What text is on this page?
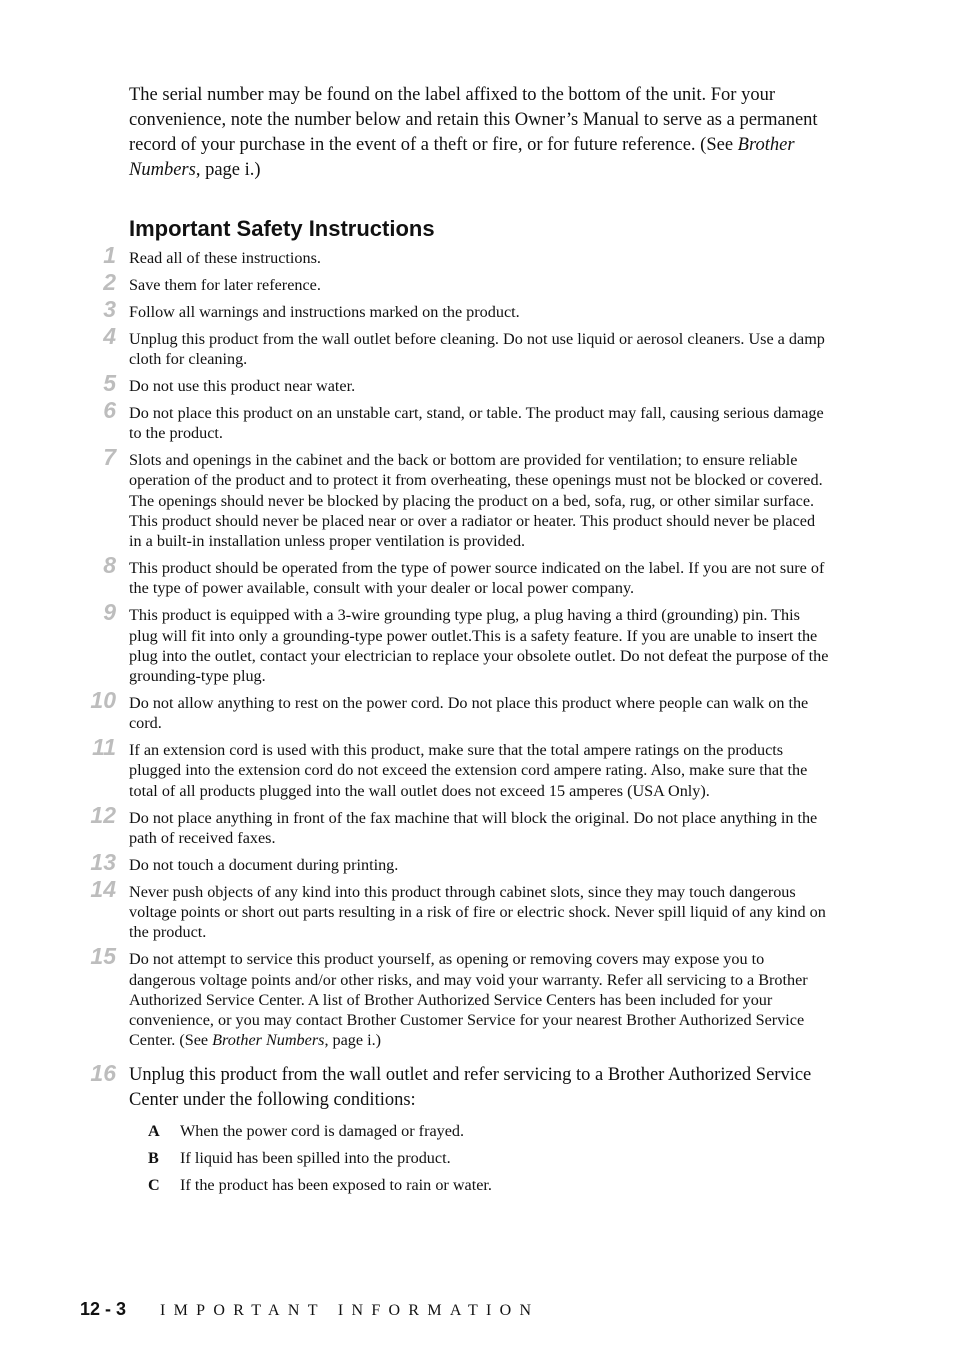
The serial number may be found on the label affixed to the bottom of the unit. For your convenience, note the number below and retain this Owner’s Manual to serve as a permanent record of your purchase in the event of a theft or fire, or for future reference. (See Brother Numbers, page i.)

Important Safety Instructions
1 Read all of these instructions.
2 Save them for later reference.
3 Follow all warnings and instructions marked on the product.
4 Unplug this product from the wall outlet before cleaning. Do not use liquid or aerosol cleaners. Use a damp cloth for cleaning.
5 Do not use this product near water.
6 Do not place this product on an unstable cart, stand, or table. The product may fall, causing serious damage to the product.
7 Slots and openings in the cabinet and the back or bottom are provided for ventilation; to ensure reliable operation of the product and to protect it from overheating, these openings must not be blocked or covered. The openings should never be blocked by placing the product on a bed, sofa, rug, or other similar surface. This product should never be placed near or over a radiator or heater. This product should never be placed in a built-in installation unless proper ventilation is provided.
8 This product should be operated from the type of power source indicated on the label. If you are not sure of the type of power available, consult with your dealer or local power company.
9 This product is equipped with a 3-wire grounding type plug, a plug having a third (grounding) pin. This plug will fit into only a grounding-type power outlet.This is a safety feature. If you are unable to insert the plug into the outlet, contact your electrician to replace your obsolete outlet. Do not defeat the purpose of the grounding-type plug.
10 Do not allow anything to rest on the power cord. Do not place this product where people can walk on the cord.
11 If an extension cord is used with this product, make sure that the total ampere ratings on the products plugged into the extension cord do not exceed the extension cord ampere rating. Also, make sure that the total of all products plugged into the wall outlet does not exceed 15 amperes (USA Only).
12 Do not place anything in front of the fax machine that will block the original. Do not place anything in the path of received faxes.
13 Do not touch a document during printing.
14 Never push objects of any kind into this product through cabinet slots, since they may touch dangerous voltage points or short out parts resulting in a risk of fire or electric shock. Never spill liquid of any kind on the product.
15 Do not attempt to service this product yourself, as opening or removing covers may expose you to dangerous voltage points and/or other risks, and may void your warranty. Refer all servicing to a Brother Authorized Service Center. A list of Brother Authorized Service Centers has been included for your convenience, or you may contact Brother Customer Service for your nearest Brother Authorized Service Center. (See Brother Numbers, page i.)
16 Unplug this product from the wall outlet and refer servicing to a Brother Authorized Service Center under the following conditions:
A When the power cord is damaged or frayed.
B If liquid has been spilled into the product.
C If the product has been exposed to rain or water.
12 - 3 IMPORTANT INFORMATION
